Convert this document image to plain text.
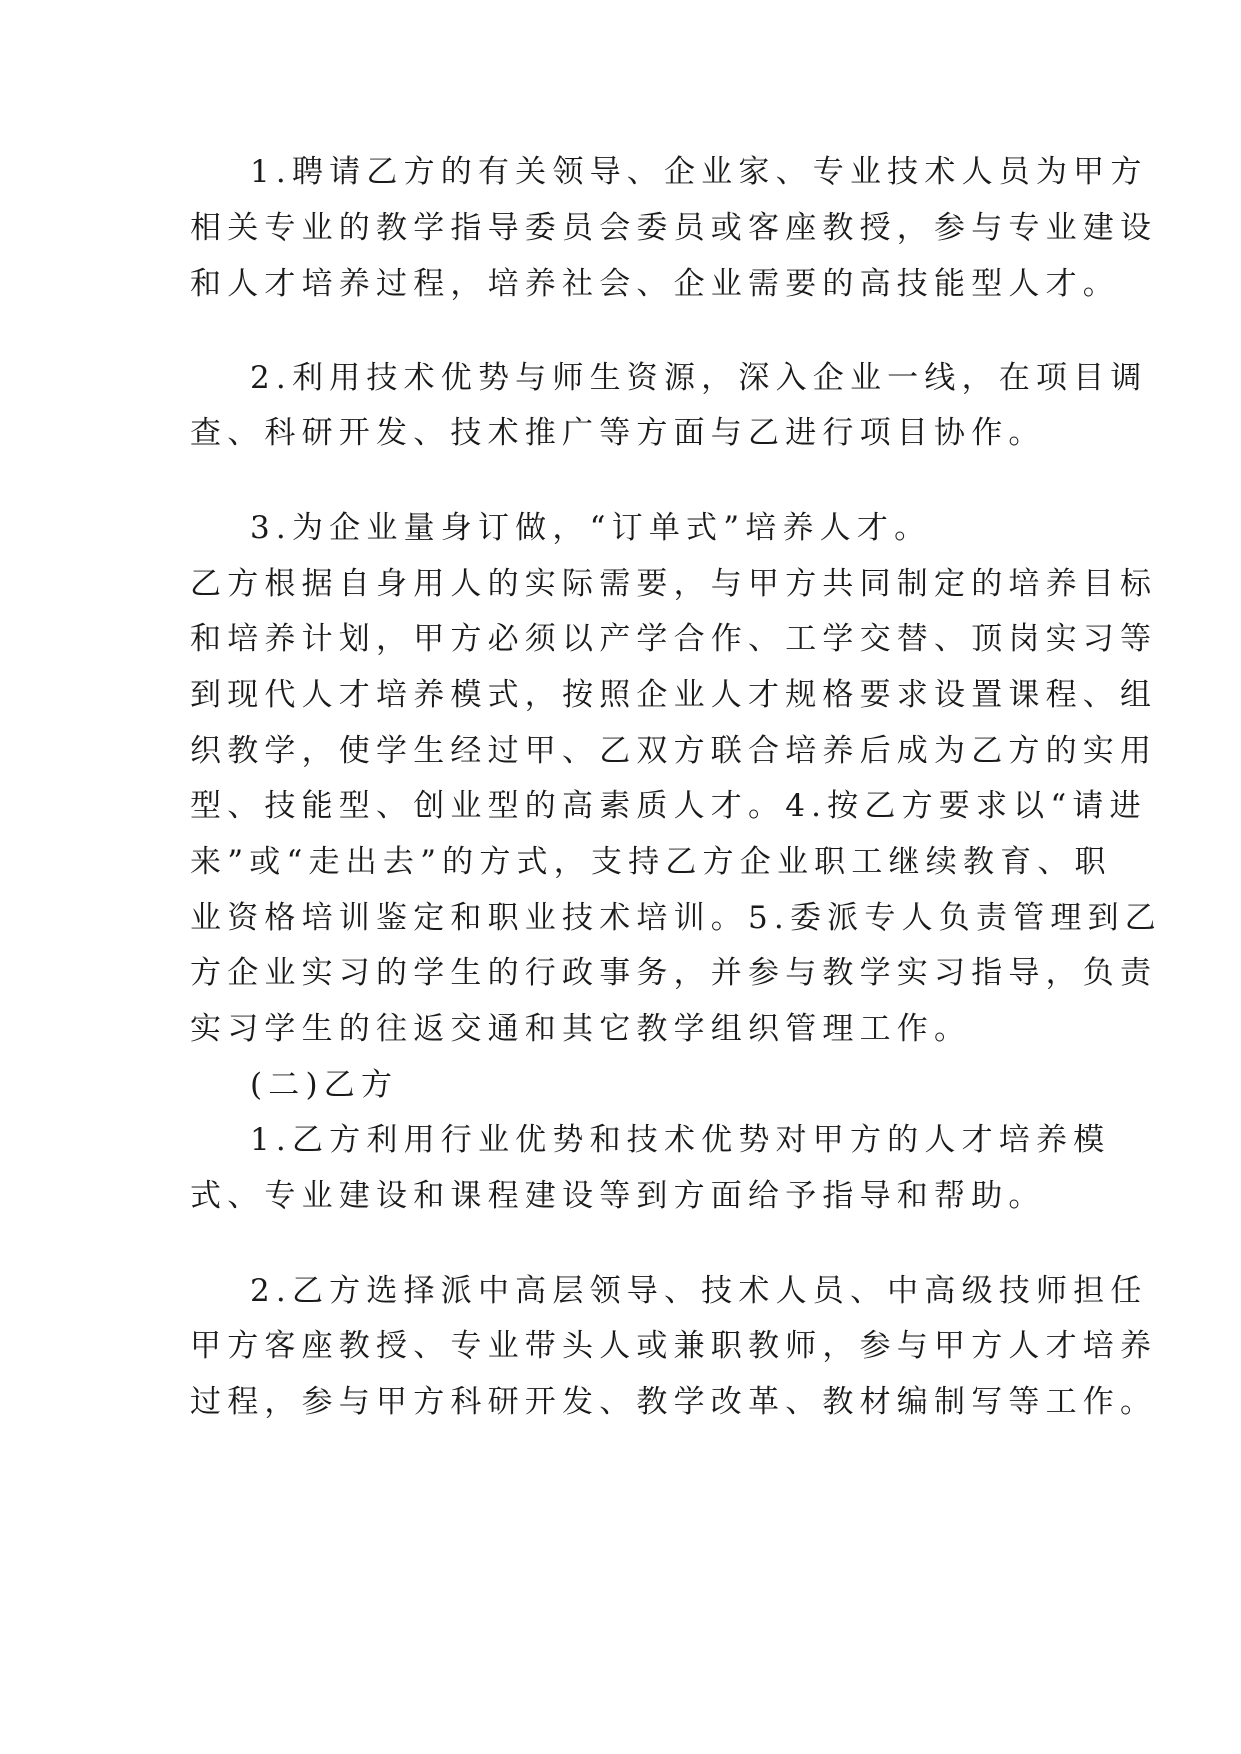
1.聘请乙方的有关领导、企业家、专业技术人员为甲方
相关专业的教学指导委员会委员或客座教授，参与专业建设
和人才培养过程，培养社会、企业需要的高技能型人才。
2.利用技术优势与师生资源，深入企业一线，在项目调
查、科研开发、技术推广等方面与乙进行项目协作。
3.为企业量身订做，“订单式”培养人才。
乙方根据自身用人的实际需要，与甲方共同制定的培养目标
和培养计划，甲方必须以产学合作、工学交替、顶岗实习等
到现代人才培养模式，按照企业人才规格要求设置课程、组
织教学，使学生经过甲、乙双方联合培养后成为乙方的实用
型、技能型、创业型的高素质人才。4.按乙方要求以“请进
来”或“走出去”的方式，支持乙方企业职工继续教育、职
业资格培训鉴定和职业技术培训。5.委派专人负责管理到乙
方企业实习的学生的行政事务，并参与教学实习指导，负责
实习学生的往返交通和其它教学组织管理工作。
(二)乙方
1.乙方利用行业优势和技术优势对甲方的人才培养模
式、专业建设和课程建设等到方面给予指导和帮助。
2.乙方选择派中高层领导、技术人员、中高级技师担任
甲方客座教授、专业带头人或兼职教师，参与甲方人才培养
过程，参与甲方科研开发、教学改革、教材编制写等工作。
